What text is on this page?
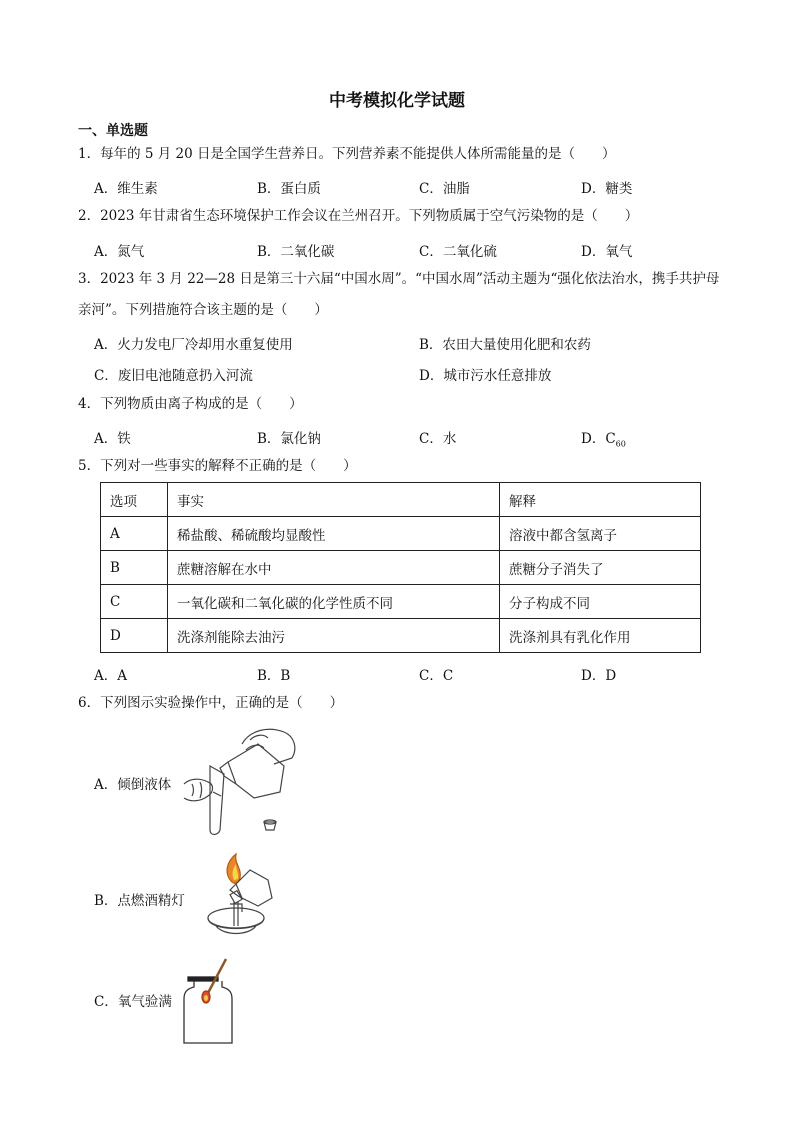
中考模拟化学试题
一、单选题
1．每年的 5 月 20 日是全国学生营养日。下列营养素不能提供人体所需能量的是（　　）
A．维生素	B．蛋白质	C．油脂	D．糖类
2．2023 年甘肃省生态环境保护工作会议在兰州召开。下列物质属于空气污染物的是（　　）
A．氮气	B．二氧化碳	C．二氧化硫	D．氧气
3．2023 年 3 月 22—28 日是第三十六届“中国水周”。“中国水周”活动主题为“强化依法治水，携手共护母
亲河”。下列措施符合该主题的是（　　）
A．火力发电厂冷却用水重复使用	B．农田大量使用化肥和农药
C．废旧电池随意扔入河流	D．城市污水任意排放
4．下列物质由离子构成的是（　　）
A．铁	B．氯化钠	C．水	D．$C_{60}$
5．下列对一些事实的解释不正确的是（　　）
选项	事实	解释
A	稀盐酸、稀硫酸均显酸性	溶液中都含氢离子
B	蔗糖溶解在水中	蔗糖分子消失了
C	一氧化碳和二氧化碳的化学性质不同	分子构成不同
D	洗涤剂能除去油污	洗涤剂具有乳化作用
A．A	B．B	C．C	D．D
6．下列图示实验操作中，正确的是（　　）
A．倾倒液体
B．点燃酒精灯
C．氧气验满
